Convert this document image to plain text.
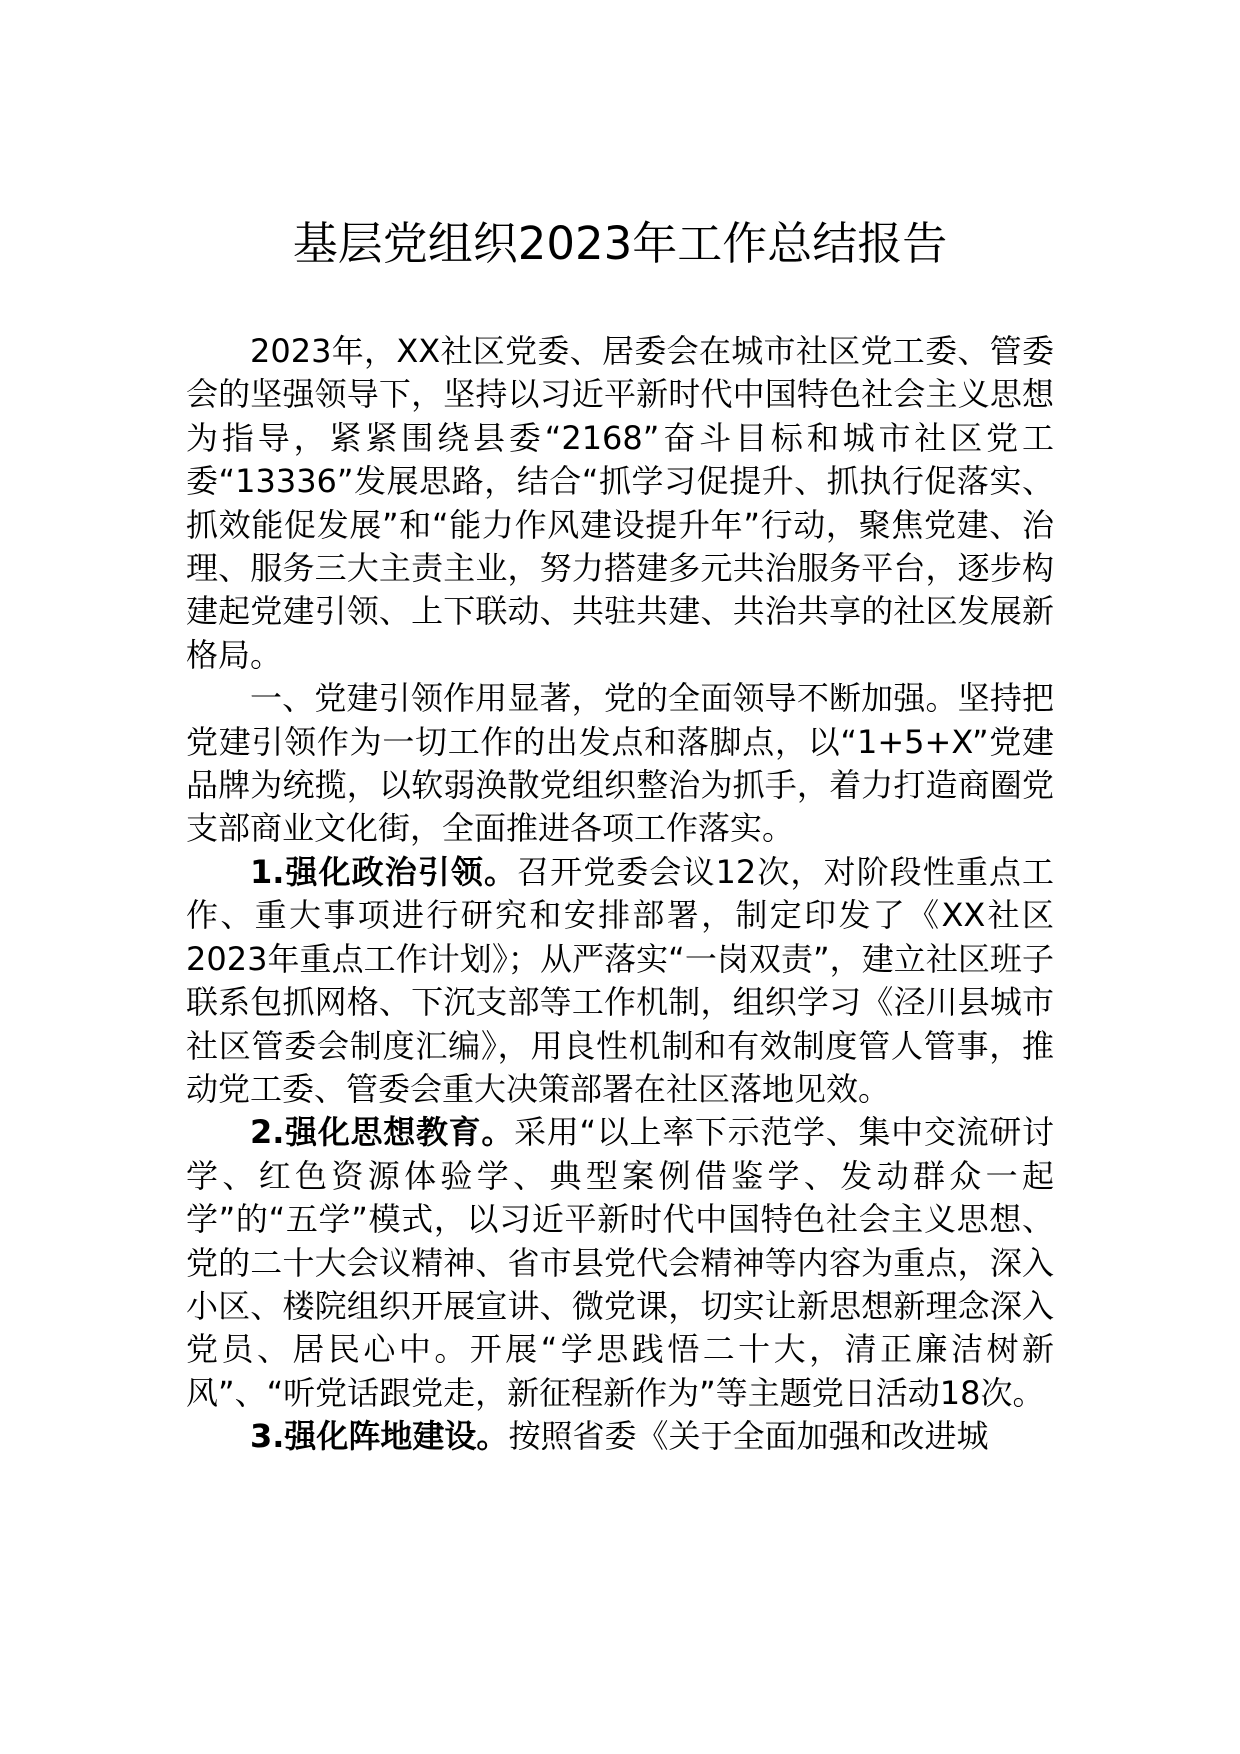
基层党组织2023年工作总结报告

2023年，XX社区党委、居委会在城市社区党工委、管委会的坚强领导下，坚持以习近平新时代中国特色社会主义思想为指导，紧紧围绕县委“2168”奋斗目标和城市社区党工委“13336”发展思路，结合“抓学习促提升、抓执行促落实、抓效能促发展”和“能力作风建设提升年”行动，聚焦党建、治理、服务三大主责主业，努力搭建多元共治服务平台，逐步构建起党建引领、上下联动、共驻共建、共治共享的社区发展新格局。

一、党建引领作用显著，党的全面领导不断加强。坚持把党建引领作为一切工作的出发点和落脚点，以“1+5+X”党建品牌为统揽，以软弱涣散党组织整治为抓手，着力打造商圈党支部商业文化街，全面推进各项工作落实。

1.强化政治引领。召开党委会议12次，对阶段性重点工作、重大事项进行研究和安排部署，制定印发了《XX社区2023年重点工作计划》；从严落实“一岗双责”，建立社区班子联系包抓网格、下沉支部等工作机制，组织学习《泾川县城市社区管委会制度汇编》，用良性机制和有效制度管人管事，推动党工委、管委会重大决策部署在社区落地见效。

2.强化思想教育。采用“以上率下示范学、集中交流研讨学、红色资源体验学、典型案例借鉴学、发动群众一起学”的“五学”模式，以习近平新时代中国特色社会主义思想、党的二十大会议精神、省市县党代会精神等内容为重点，深入小区、楼院组织开展宣讲、微党课，切实让新思想新理念深入党员、居民心中。开展“学思践悟二十大，清正廉洁树新风”、“听党话跟党走，新征程新作为”等主题党日活动18次。

3.强化阵地建设。按照省委《关于全面加强和改进城
